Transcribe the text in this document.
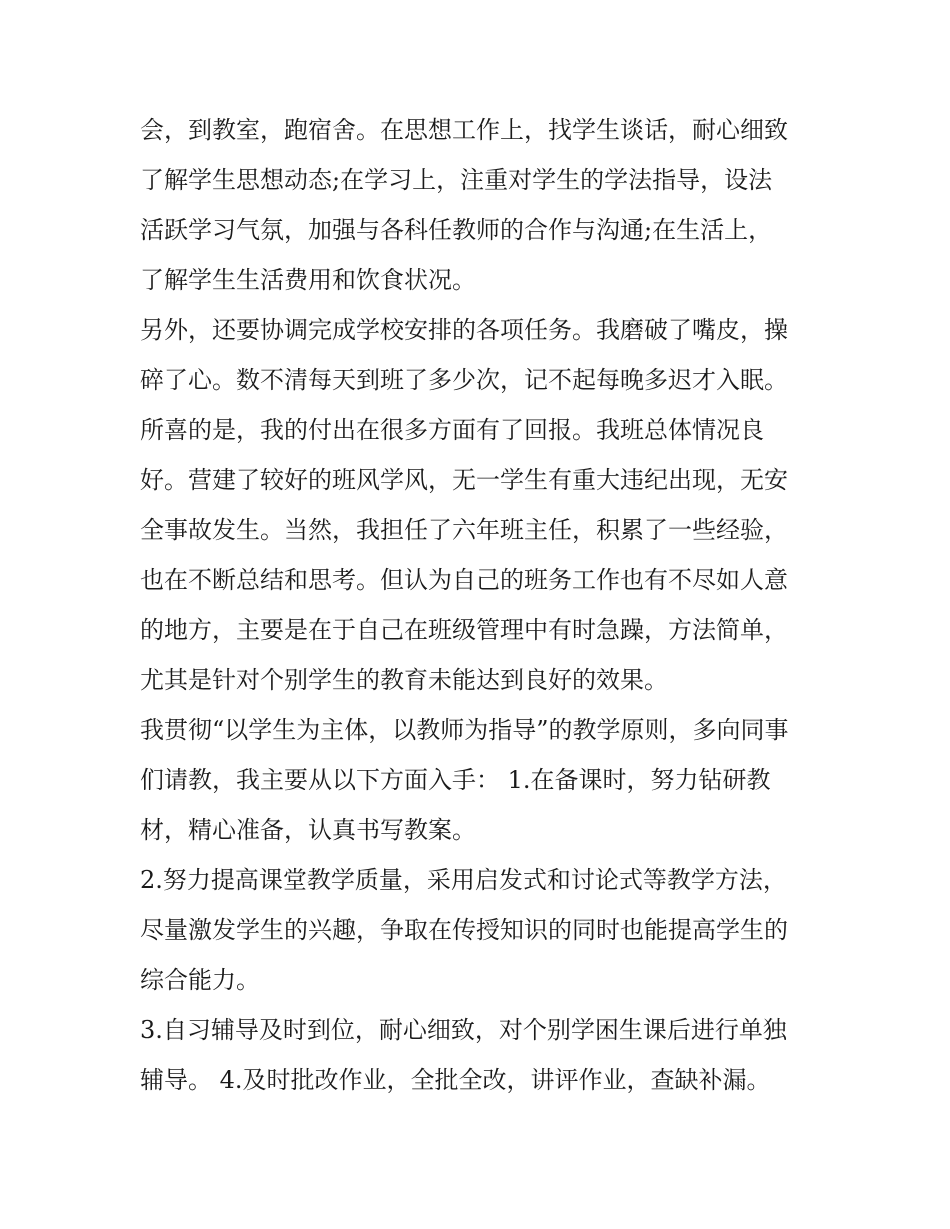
会，到教室，跑宿舍。在思想工作上，找学生谈话，耐心细致

了解学生思想动态;在学习上，注重对学生的学法指导，设法

活跃学习气氛，加强与各科任教师的合作与沟通;在生活上，

了解学生生活费用和饮食状况。

另外，还要协调完成学校安排的各项任务。我磨破了嘴皮，操

碎了心。数不清每天到班了多少次，记不起每晚多迟才入眠。

所喜的是，我的付出在很多方面有了回报。我班总体情况良

好。营建了较好的班风学风，无一学生有重大违纪出现，无安

全事故发生。当然，我担任了六年班主任，积累了一些经验，

也在不断总结和思考。但认为自己的班务工作也有不尽如人意

的地方，主要是在于自己在班级管理中有时急躁，方法简单，

尤其是针对个别学生的教育未能达到良好的效果。

我贯彻“以学生为主体，以教师为指导”的教学原则，多向同事

们请教，我主要从以下方面入手： 1.在备课时，努力钻研教

材，精心准备，认真书写教案。

2.努力提高课堂教学质量，采用启发式和讨论式等教学方法，

尽量激发学生的兴趣，争取在传授知识的同时也能提高学生的

综合能力。

3.自习辅导及时到位，耐心细致，对个别学困生课后进行单独

辅导。 4.及时批改作业，全批全改，讲评作业，查缺补漏。
